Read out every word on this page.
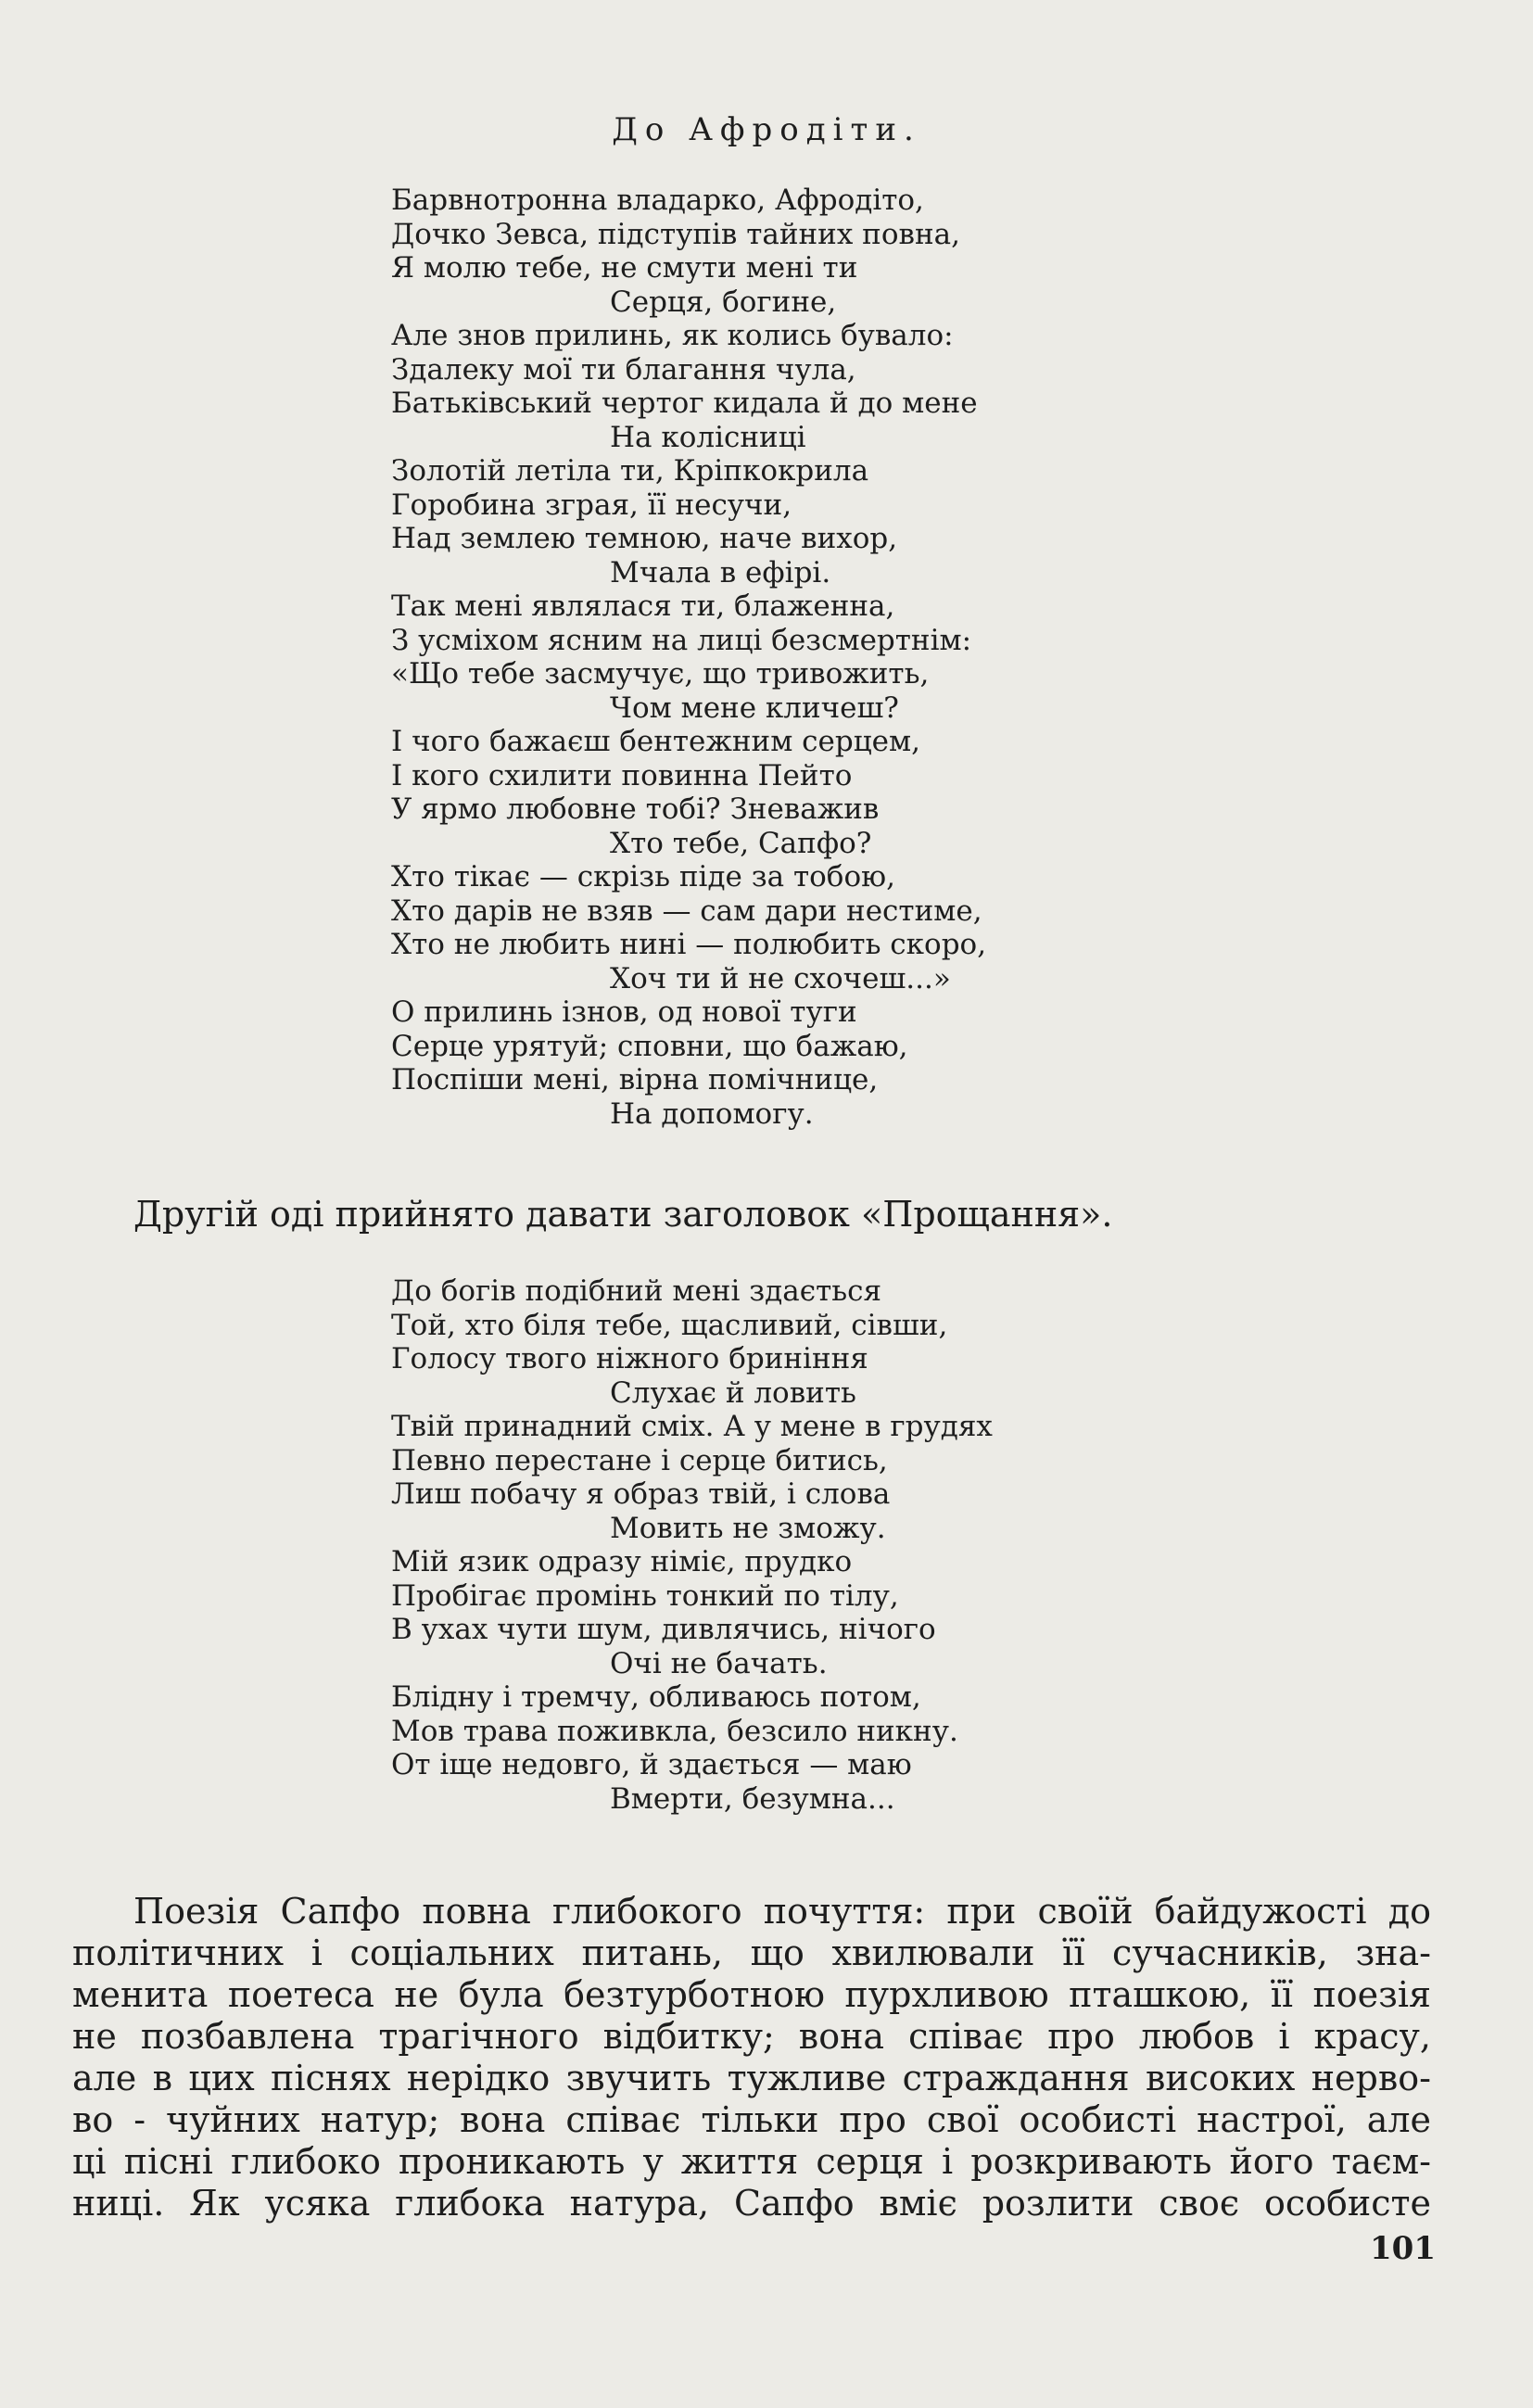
До Афродіти.
Барвнотронна владарко, Афродіто,
Дочко Зевса, підступів тайних повна,
Я молю тебе, не смути мені ти
Серця, богине,
Але знов прилинь, як колись бувало:
Здалеку мої ти благання чула,
Батьківський чертог кидала й до мене
На колісниці
Золотій летіла ти, Кріпкокрила
Горобина зграя, її несучи,
Над землею темною, наче вихор,
Мчала в ефірі.
Так мені являлася ти, блаженна,
З усміхом ясним на лиці безсмертнім:
«Що тебе засмучує, що тривожить,
Чом мене кличеш?
І чого бажаєш бентежним серцем,
І кого схилити повинна Пейто
У ярмо любовне тобі? Зневажив
Хто тебе, Сапфо?
Хто тікає — скрізь піде за тобою,
Хто дарів не взяв — сам дари нестиме,
Хто не любить нині — полюбить скоро,
Хоч ти й не схочеш...»
О прилинь ізнов, од нової туги
Серце урятуй; сповни, що бажаю,
Поспіши мені, вірна помічнице,
На допомогу.
Другій оді прийнято давати заголовок «Прощання».
До богів подібний мені здається
Той, хто біля тебе, щасливий, сівши,
Голосу твого ніжного бриніння
Слухає й ловить
Твій принадний сміх. А у мене в грудях
Певно перестане і серце битись,
Лиш побачу я образ твій, і слова
Мовить не зможу.
Мій язик одразу німіє, прудко
Пробігає промінь тонкий по тілу,
В ухах чути шум, дивлячись, нічого
Очі не бачать.
Блідну і тремчу, обливаюсь потом,
Мов трава поживкла, безсило никну.
От іще недовго, й здається — маю
Вмерти, безумна...
Поезія Сапфо повна глибокого почуття: при своїй байдужості до
політичних і соціальних питань, що хвилювали її сучасників, зна-
менита поетеса не була безтурботною пурхливою пташкою, її поезія
не позбавлена трагічного відбитку; вона співає про любов і красу,
але в цих піснях нерідко звучить тужливе страждання високих нерво-
во - чуйних натур; вона співає тільки про свої особисті настрої, але
ці пісні глибоко проникають у життя серця і розкривають його таєм-
ниці. Як усяка глибока натура, Сапфо вміє розлити своє особисте
101
